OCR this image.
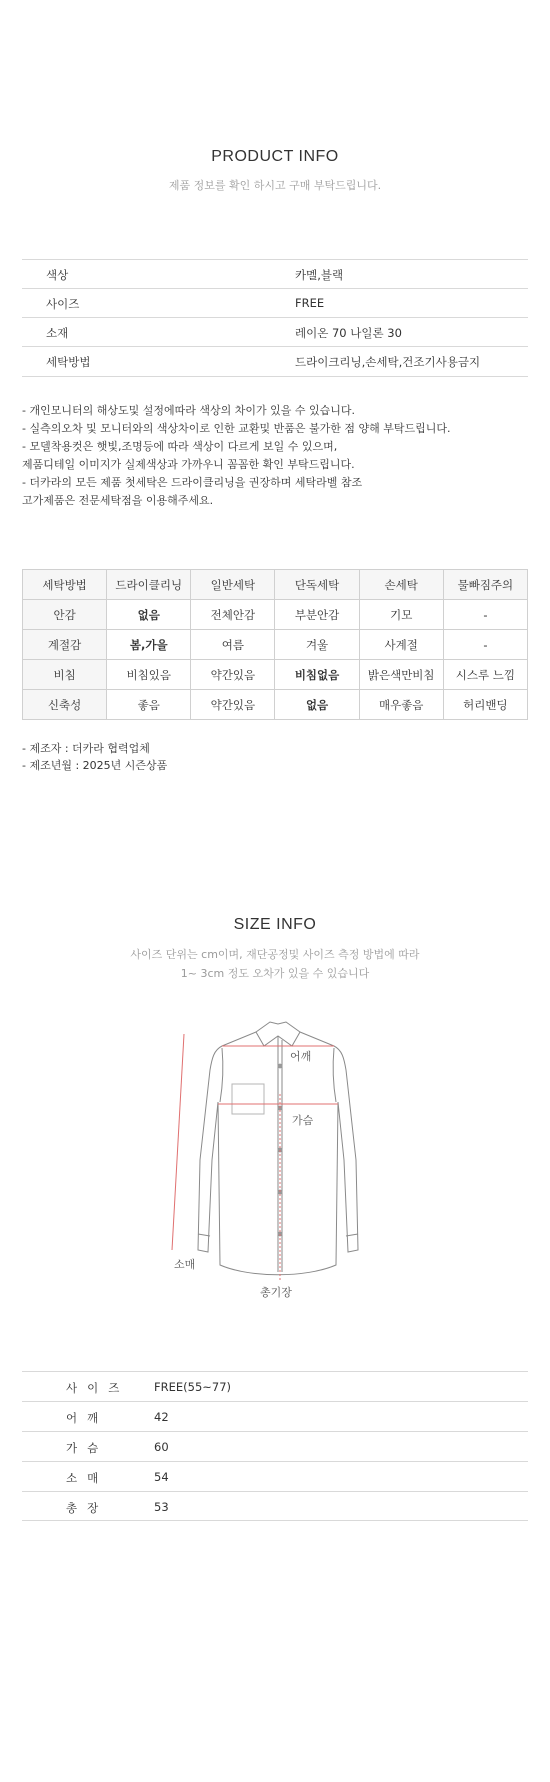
PRODUCT INFO
제품 정보를 확인 하시고 구매 부탁드립니다.
색상	카멜,블랙
사이즈	FREE
소재	레이온 70 나일론 30
세탁방법	드라이크리닝,손세탁,건조기사용금지
- 개인모니터의 해상도및 설정에따라 색상의 차이가 있을 수 있습니다.
- 실측의오차 및 모니터와의 색상차이로 인한 교환및 반품은 불가한 점 양해 부탁드립니다.
- 모델착용컷은 햇빛,조명등에 따라 색상이 다르게 보일 수 있으며,
제품디테일 이미지가 실제색상과 가까우니 꼼꼼한 확인 부탁드립니다.
- 더카라의 모든 제품 첫세탁은 드라이클리닝을 권장하며 세탁라벨 참조
고가제품은 전문세탁점을 이용해주세요.
세탁방법	드라이클리닝	일반세탁	단독세탁	손세탁	물빠짐주의
안감	없음	전체안감	부분안감	기모	-
계절감	봄,가을	여름	겨울	사계절	-
비침	비침있음	약간있음	비침없음	밝은색만비침	시스루 느낌
신축성	좋음	약간있음	없음	매우좋음	허리밴딩
- 제조자 : 더카라 협력업체
- 제조년월 : 2025년 시즌상품
SIZE INFO
사이즈 단위는 cm이며, 재단공정및 사이즈 측정 방법에 따라
1~ 3cm 정도 오차가 있을 수 있습니다
어깨
가슴
소매
총기장
사이즈 FREE(55~77)
어깨	42
가슴	60
소매	54
총장	53
